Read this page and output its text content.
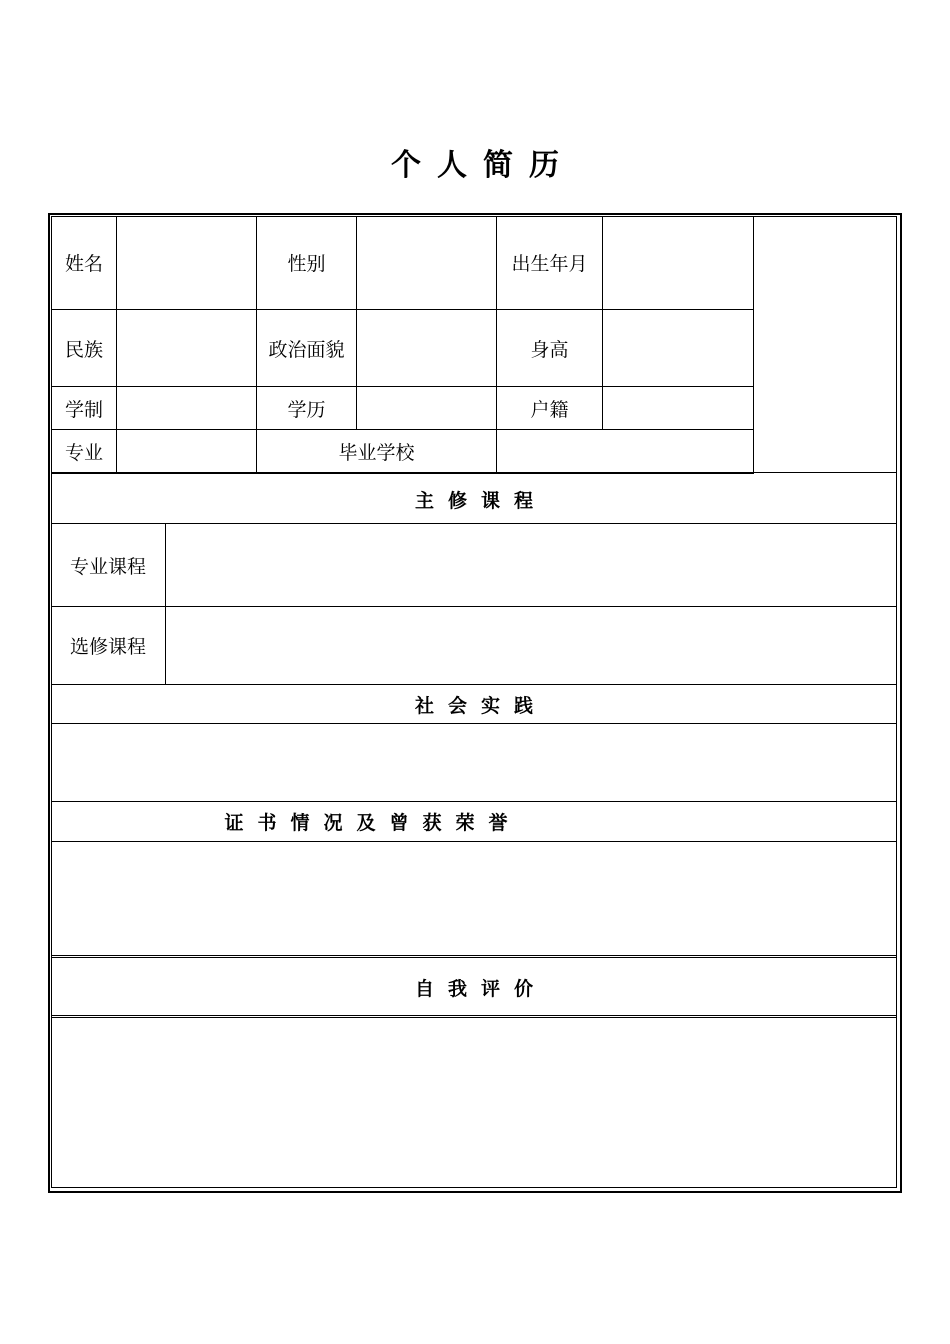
个人简历
姓名	性别	出生年月
民族	政治面貌	身高
学制	学历	户籍
专业	毕业学校
主修课程
专业课程
选修课程
社会实践
证书情况及曾获荣誉
自我评价
